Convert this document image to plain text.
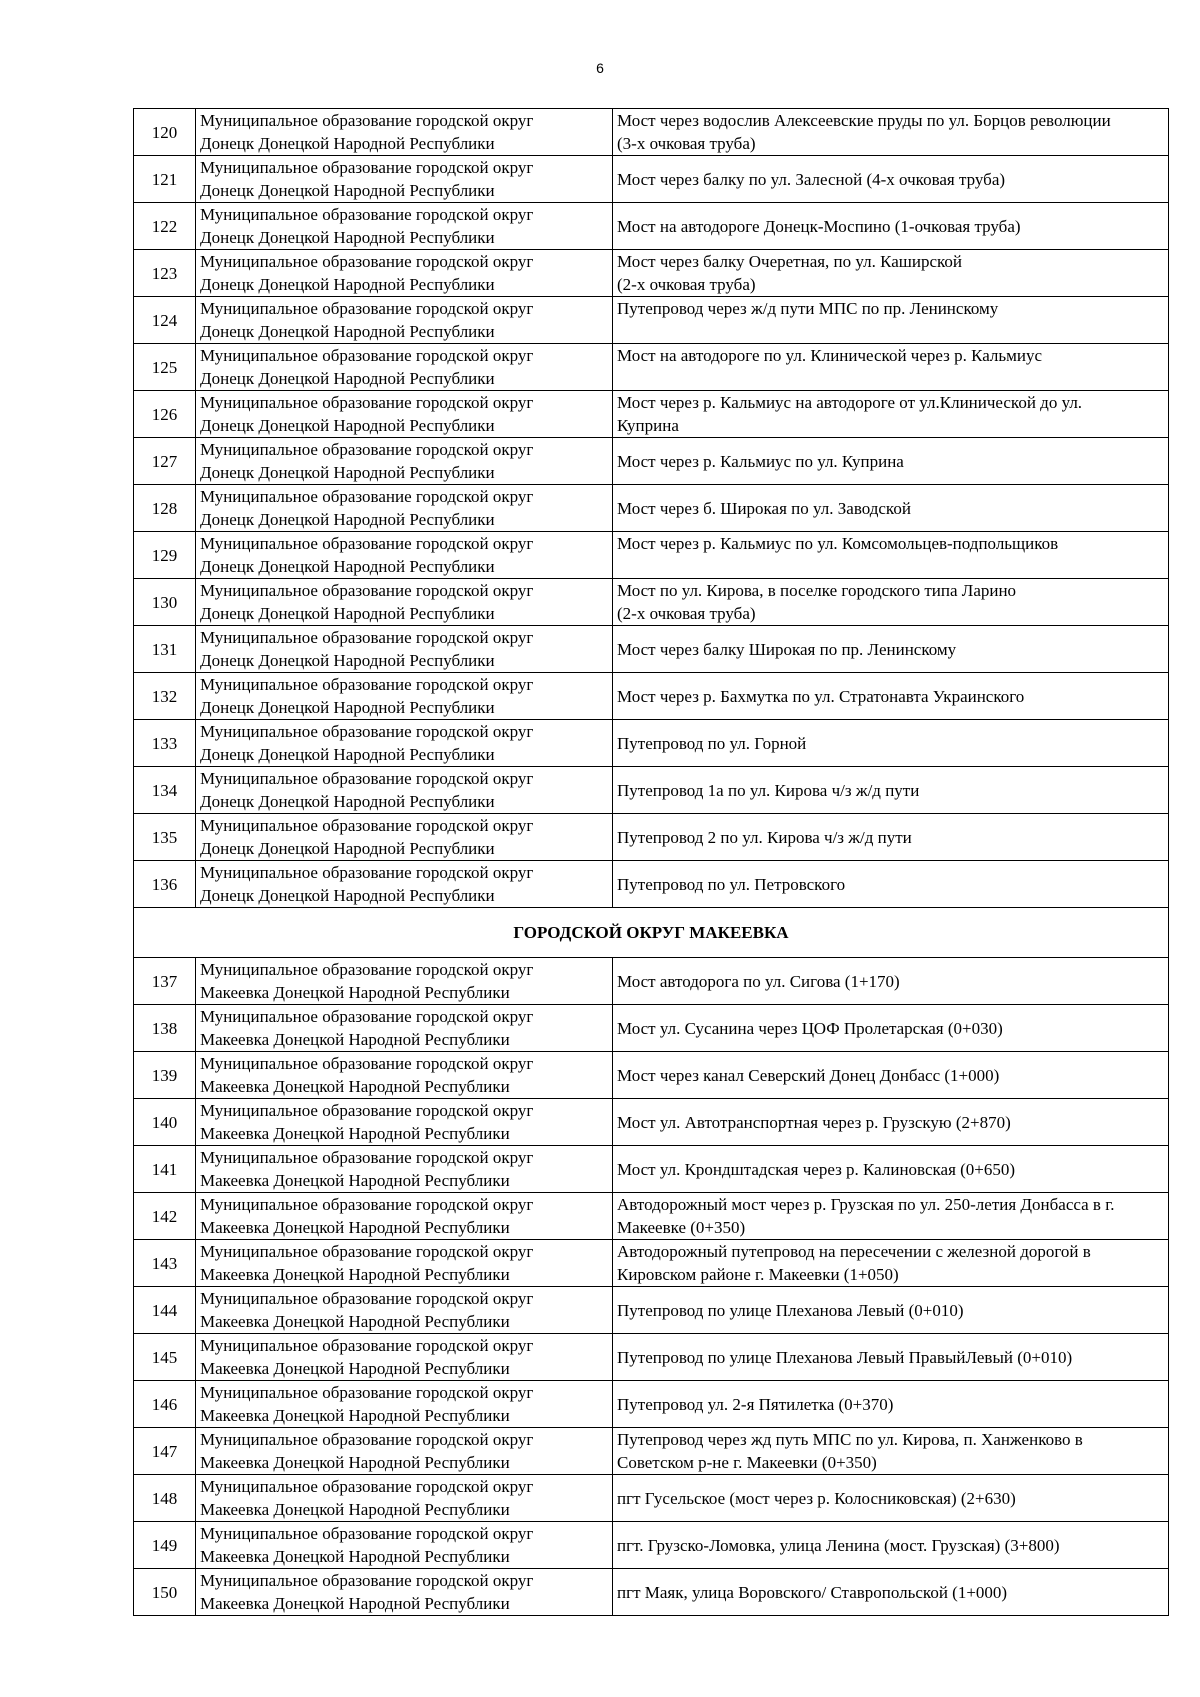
6
120	Муниципальное образование городской округ
Донецк Донецкой Народной Республики	Мост через водослив Алексеевские пруды по ул. Борцов революции
(3-х очковая труба)

121	Муниципальное образование городской округ
Донецк Донецкой Народной Республики	Мост через балку по ул. Залесной (4-х очковая труба)

122	Муниципальное образование городской округ
Донецк Донецкой Народной Республики	Мост на автодороге Донецк-Моспино (1-очковая труба)

123	Муниципальное образование городской округ
Донецк Донецкой Народной Республики	Мост через балку Очеретная, по ул. Каширской
(2-х очковая труба)

124	Муниципальное образование городской округ
Донецк Донецкой Народной Республики	Путепровод через ж/д пути МПС по пр. Ленинскому

125	Муниципальное образование городской округ
Донецк Донецкой Народной Республики	Мост на автодороге по ул. Клинической через р. Кальмиус

126	Муниципальное образование городской округ
Донецк Донецкой Народной Республики	Мост через р. Кальмиус на автодороге от ул.Клинической до ул.
Куприна

127	Муниципальное образование городской округ
Донецк Донецкой Народной Республики	Мост через р. Кальмиус по ул. Куприна

128	Муниципальное образование городской округ
Донецк Донецкой Народной Республики	Мост через б. Широкая по ул. Заводской

129	Муниципальное образование городской округ
Донецк Донецкой Народной Республики	Мост через р. Кальмиус по ул. Комсомольцев-подпольщиков

130	Муниципальное образование городской округ
Донецк Донецкой Народной Республики	Мост по ул. Кирова, в поселке городского типа Ларино
(2-х очковая труба)

131	Муниципальное образование городской округ
Донецк Донецкой Народной Республики	Мост через балку Широкая по пр. Ленинскому

132	Муниципальное образование городской округ
Донецк Донецкой Народной Республики	Мост через р. Бахмутка по ул. Стратонавта Украинского

133	Муниципальное образование городской округ
Донецк Донецкой Народной Республики	Путепровод по ул. Горной

134	Муниципальное образование городской округ
Донецк Донецкой Народной Республики	Путепровод 1а по ул. Кирова ч/з ж/д пути

135	Муниципальное образование городской округ
Донецк Донецкой Народной Республики	Путепровод 2 по ул. Кирова ч/з ж/д пути

136	Муниципальное образование городской округ
Донецк Донецкой Народной Республики	Путепровод по ул. Петровского

ГОРОДСКОЙ ОКРУГ МАКЕЕВКА		
137	Муниципальное образование городской округ
Макеевка Донецкой Народной Республики	Мост автодорога по ул. Сигова (1+170)

138	Муниципальное образование городской округ
Макеевка Донецкой Народной Республики	Мост ул. Сусанина через ЦОФ Пролетарская (0+030)

139	Муниципальное образование городской округ
Макеевка Донецкой Народной Республики	Мост через канал Северский Донец Донбасс (1+000)

140	Муниципальное образование городской округ
Макеевка Донецкой Народной Республики	Мост ул. Автотранспортная через р. Грузскую (2+870)

141	Муниципальное образование городской округ
Макеевка Донецкой Народной Республики	Мост ул. Крондштадская через р. Калиновская (0+650)

142	Муниципальное образование городской округ
Макеевка Донецкой Народной Республики	Автодорожный мост через р. Грузская по ул. 250-летия Донбасса в г.
Макеевке (0+350)

143	Муниципальное образование городской округ
Макеевка Донецкой Народной Республики	Автодорожный путепровод на пересечении с железной дорогой в
Кировском районе г. Макеевки (1+050)

144	Муниципальное образование городской округ
Макеевка Донецкой Народной Республики	Путепровод по улице Плеханова Левый (0+010)

145	Муниципальное образование городской округ
Макеевка Донецкой Народной Республики	Путепровод по улице Плеханова Левый ПравыйЛевый (0+010)

146	Муниципальное образование городской округ
Макеевка Донецкой Народной Республики	Путепровод ул. 2-я Пятилетка (0+370)

147	Муниципальное образование городской округ
Макеевка Донецкой Народной Республики	Путепровод через жд путь МПС по ул. Кирова, п. Ханженково в
Советском р-не г. Макеевки (0+350)

148	Муниципальное образование городской округ
Макеевка Донецкой Народной Республики	пгт Гусельское (мост через р. Колосниковская) (2+630)

149	Муниципальное образование городской округ
Макеевка Донецкой Народной Республики	пгт. Грузско-Ломовка, улица Ленина (мост. Грузская) (3+800)

150	Муниципальное образование городской округ
Макеевка Донецкой Народной Республики	пгт Маяк, улица Воровского/ Ставропольской (1+000)
